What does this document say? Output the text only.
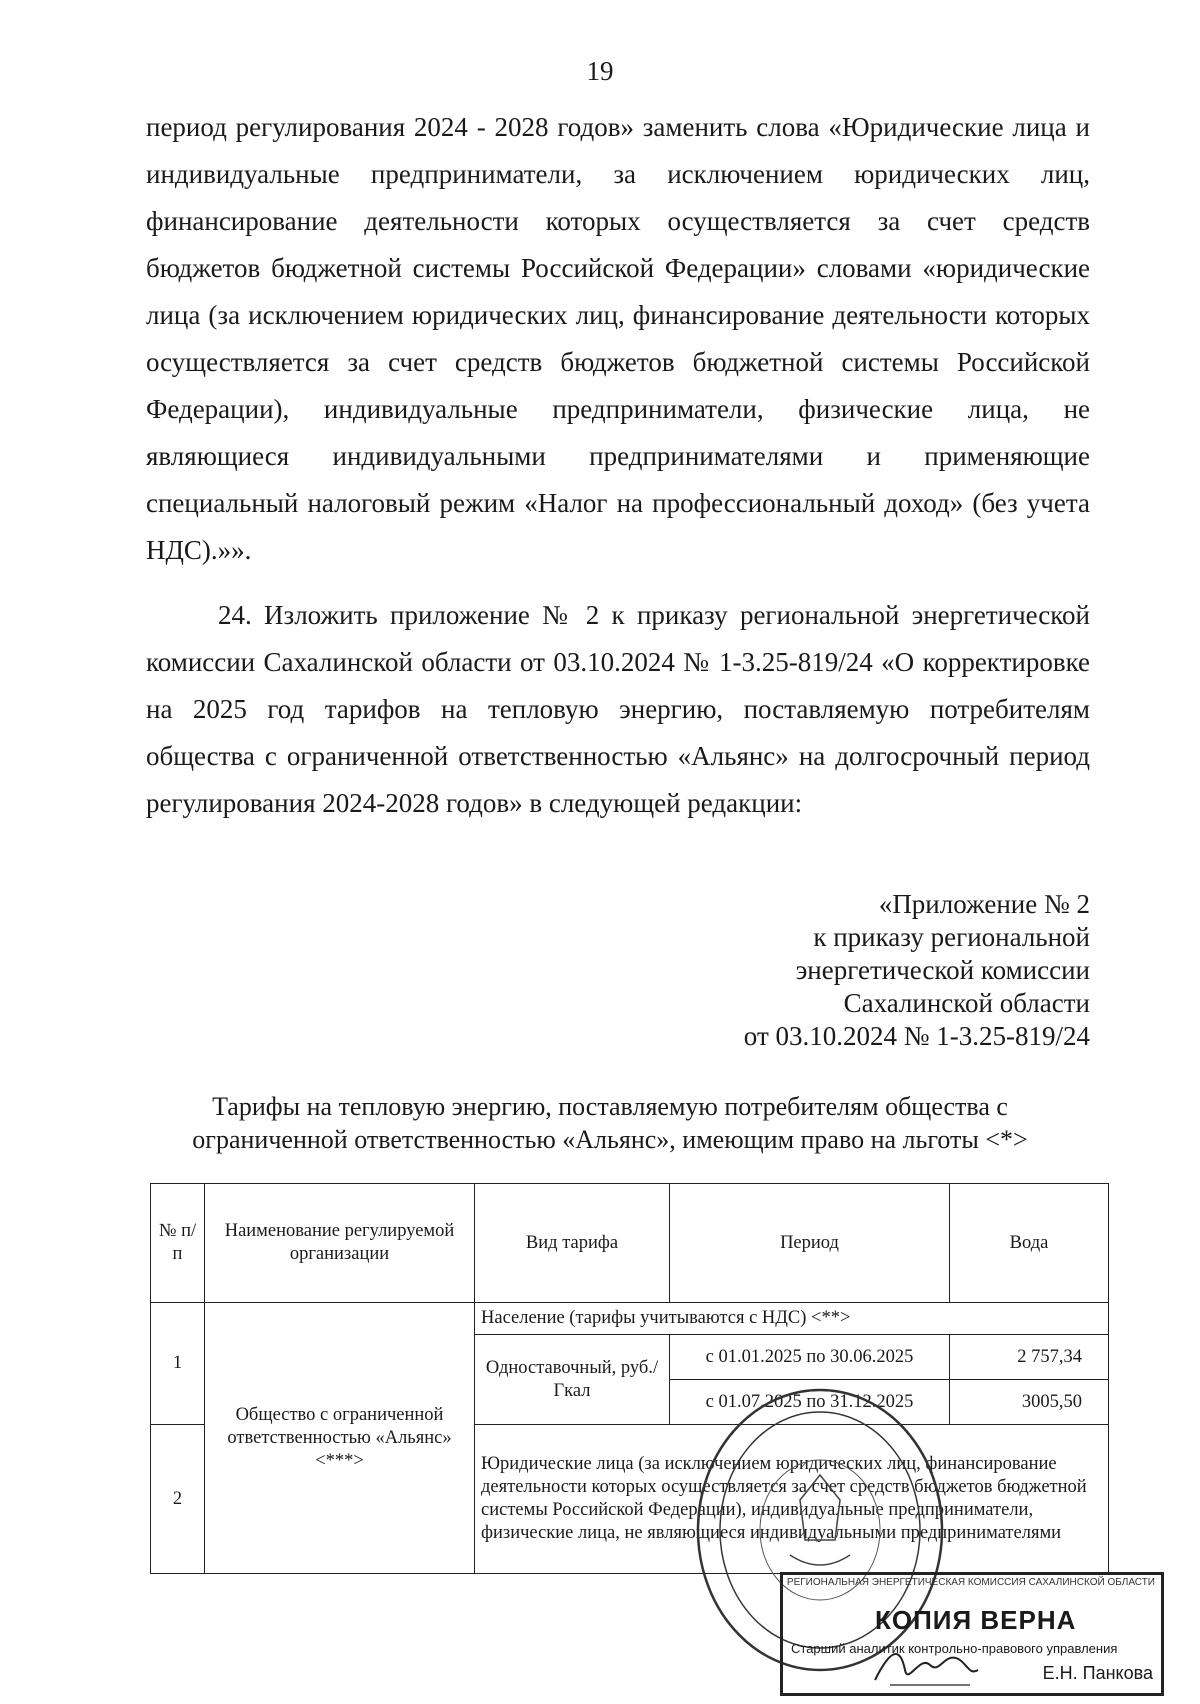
19

период регулирования 2024 - 2028 годов» заменить слова «Юридические лица и индивидуальные предприниматели, за исключением юридических лиц, финансирование деятельности которых осуществляется за счет средств бюджетов бюджетной системы Российской Федерации» словами «юридические лица (за исключением юридических лиц, финансирование деятельности которых осуществляется за счет средств бюджетов бюджетной системы Российской Федерации), индивидуальные предприниматели, физические лица, не являющиеся индивидуальными предпринимателями и применяющие специальный налоговый режим «Налог на профессиональный доход» (без учета НДС).»».

24. Изложить приложение № 2 к приказу региональной энергетической комиссии Сахалинской области от 03.10.2024 № 1-3.25-819/24 «О корректировке на 2025 год тарифов на тепловую энергию, поставляемую потребителям общества с ограниченной ответственностью «Альянс» на долгосрочный период регулирования 2024-2028 годов» в следующей редакции:

«Приложение № 2
к приказу региональной
энергетической комиссии
Сахалинской области
от 03.10.2024 № 1-3.25-819/24
Тарифы на тепловую энергию, поставляемую потребителям общества с
ограниченной ответственностью «Альянс», имеющим право на льготы <*>
№ п/п	Наименование регулируемой организации	Вид тарифа	Период	Вода
1	Общество с ограниченной ответственностью «Альянс» <***>	Население (тарифы учитываются с НДС) <**>		
		Одноставочный, руб./Гкал	с 01.01.2025 по 30.06.2025	2 757,34
			с 01.07.2025 по 31.12.2025	3005,50
2		Юридические лица (за исключением юридических лиц, финансирование деятельности которых осуществляется за счет средств бюджетов бюджетной системы Российской Федерации), индивидуальные предприниматели, физические лица, не являющиеся индивидуальными предпринимателями		

РЕГИОНАЛЬНАЯ ЭНЕРГЕТИЧЕСКАЯ КОМИССИЯ САХАЛИНСКОЙ ОБЛАСТИ
КОПИЯ ВЕРНА
Старший аналитик контрольно-правового управления
Е.Н. Панкова
